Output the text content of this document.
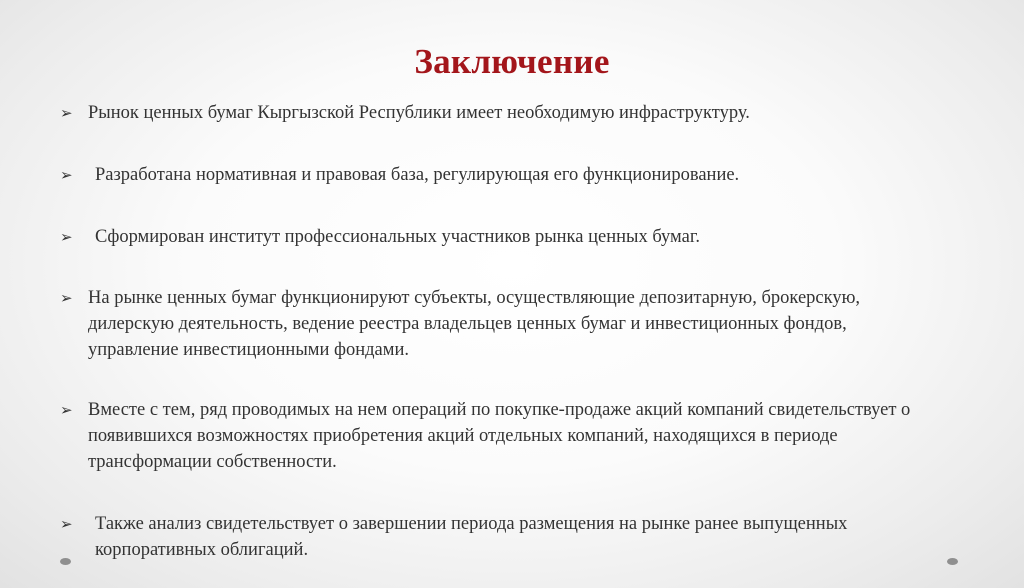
Заключение
➢ Рынок ценных бумаг Кыргызской Республики имеет необходимую инфраструктуру.
➢ Разработана нормативная и правовая база, регулирующая его функционирование.
➢ Сформирован институт профессиональных участников рынка ценных бумаг.
➢ На рынке ценных бумаг функционируют субъекты, осуществляющие депозитарную, брокерскую, дилерскую деятельность, ведение реестра владельцев ценных бумаг и инвестиционных фондов, управление инвестиционными фондами.
➢ Вместе с тем, ряд проводимых на нем операций по покупке-продаже акций компаний свидетельствует о появившихся возможностях приобретения акций отдельных компаний, находящихся в периоде трансформации собственности.
➢ Также анализ свидетельствует о завершении периода размещения на рынке ранее выпущенных корпоративных облигаций.
